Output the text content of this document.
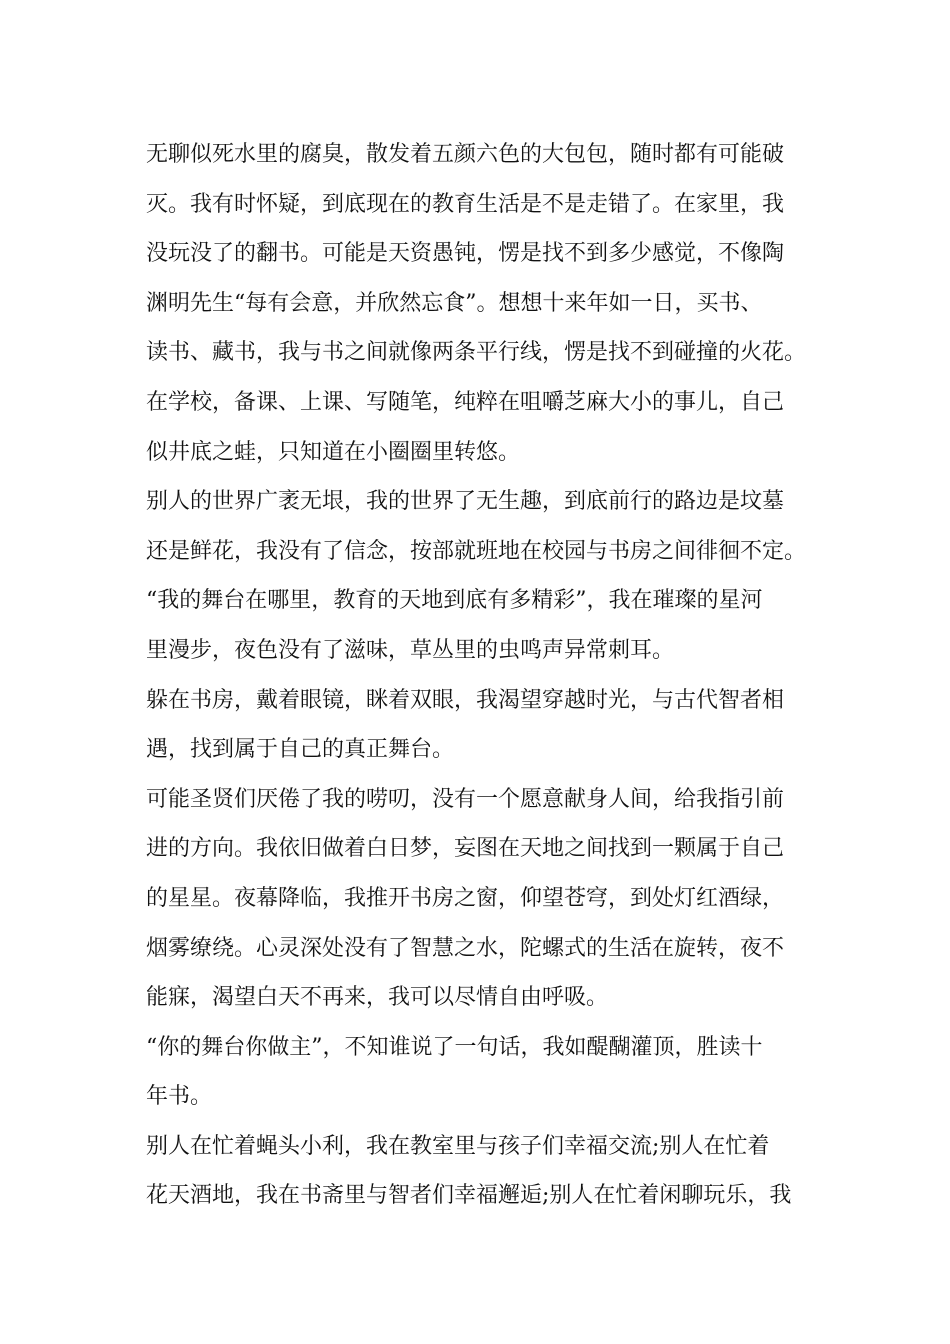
无聊似死水里的腐臭，散发着五颜六色的大包包，随时都有可能破
灭。我有时怀疑，到底现在的教育生活是不是走错了。在家里，我
没玩没了的翻书。可能是天资愚钝，愣是找不到多少感觉，不像陶
渊明先生“每有会意，并欣然忘食”。想想十来年如一日，买书、
读书、藏书，我与书之间就像两条平行线，愣是找不到碰撞的火花。
在学校，备课、上课、写随笔，纯粹在咀嚼芝麻大小的事儿，自己
似井底之蛙，只知道在小圈圈里转悠。
别人的世界广袤无垠，我的世界了无生趣，到底前行的路边是坟墓
还是鲜花，我没有了信念，按部就班地在校园与书房之间徘徊不定。
“我的舞台在哪里，教育的天地到底有多精彩”，我在璀璨的星河
里漫步，夜色没有了滋味，草丛里的虫鸣声异常刺耳。
躲在书房，戴着眼镜，眯着双眼，我渴望穿越时光，与古代智者相
遇，找到属于自己的真正舞台。
可能圣贤们厌倦了我的唠叨，没有一个愿意献身人间，给我指引前
进的方向。我依旧做着白日梦，妄图在天地之间找到一颗属于自己
的星星。夜幕降临，我推开书房之窗，仰望苍穹，到处灯红酒绿，
烟雾缭绕。心灵深处没有了智慧之水，陀螺式的生活在旋转，夜不
能寐，渴望白天不再来，我可以尽情自由呼吸。
“你的舞台你做主”，不知谁说了一句话，我如醍醐灌顶，胜读十
年书。
别人在忙着蝇头小利，我在教室里与孩子们幸福交流;别人在忙着
花天酒地，我在书斋里与智者们幸福邂逅;别人在忙着闲聊玩乐，我
